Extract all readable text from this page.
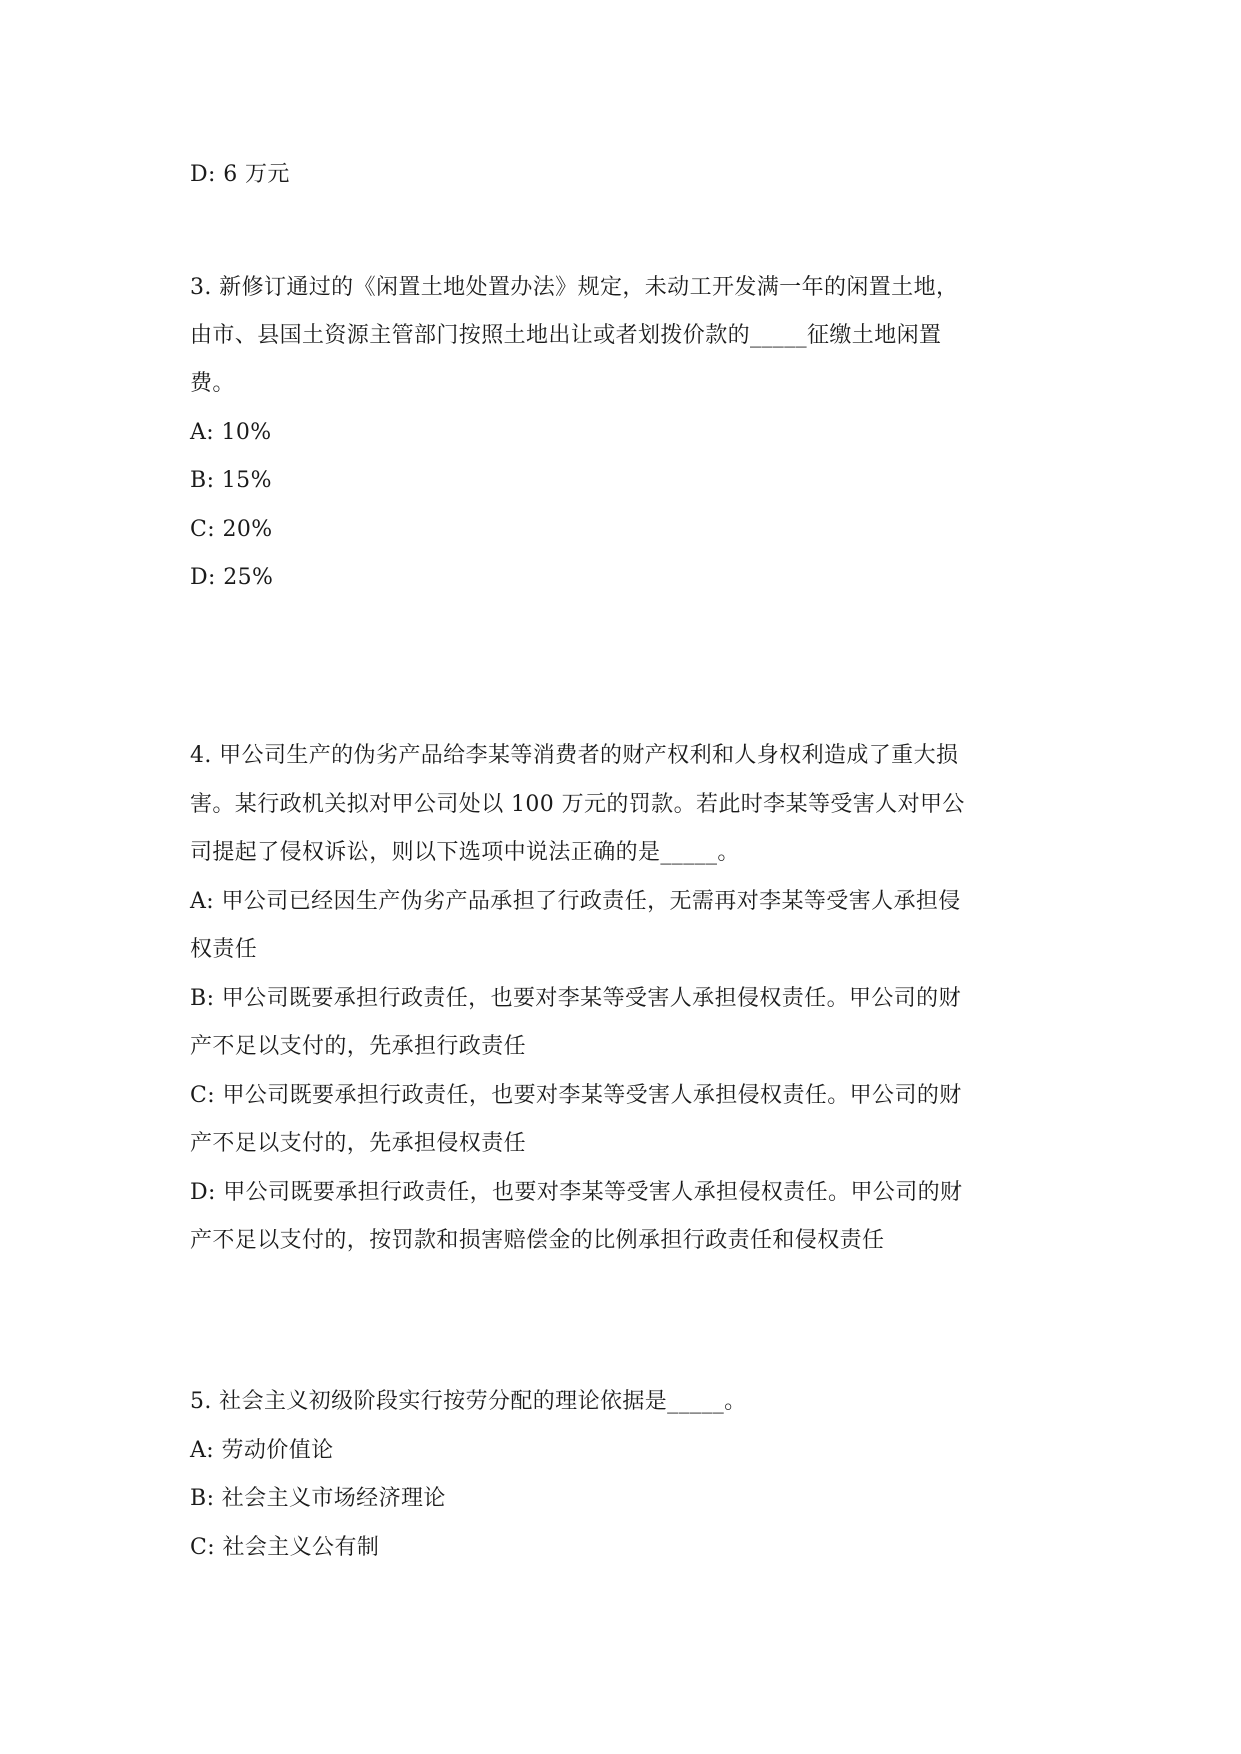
D: 6 万元
3. 新修订通过的《闲置土地处置办法》规定，未动工开发满一年的闲置土地，
由市、县国土资源主管部门按照土地出让或者划拨价款的_____征缴土地闲置
费。
A: 10%
B: 15%
C: 20%
D: 25%
4. 甲公司生产的伪劣产品给李某等消费者的财产权利和人身权利造成了重大损
害。某行政机关拟对甲公司处以 100 万元的罚款。若此时李某等受害人对甲公
司提起了侵权诉讼，则以下选项中说法正确的是_____。
A: 甲公司已经因生产伪劣产品承担了行政责任，无需再对李某等受害人承担侵
权责任
B: 甲公司既要承担行政责任，也要对李某等受害人承担侵权责任。甲公司的财
产不足以支付的，先承担行政责任
C: 甲公司既要承担行政责任，也要对李某等受害人承担侵权责任。甲公司的财
产不足以支付的，先承担侵权责任
D: 甲公司既要承担行政责任，也要对李某等受害人承担侵权责任。甲公司的财
产不足以支付的，按罚款和损害赔偿金的比例承担行政责任和侵权责任
5. 社会主义初级阶段实行按劳分配的理论依据是_____。
A: 劳动价值论
B: 社会主义市场经济理论
C: 社会主义公有制
